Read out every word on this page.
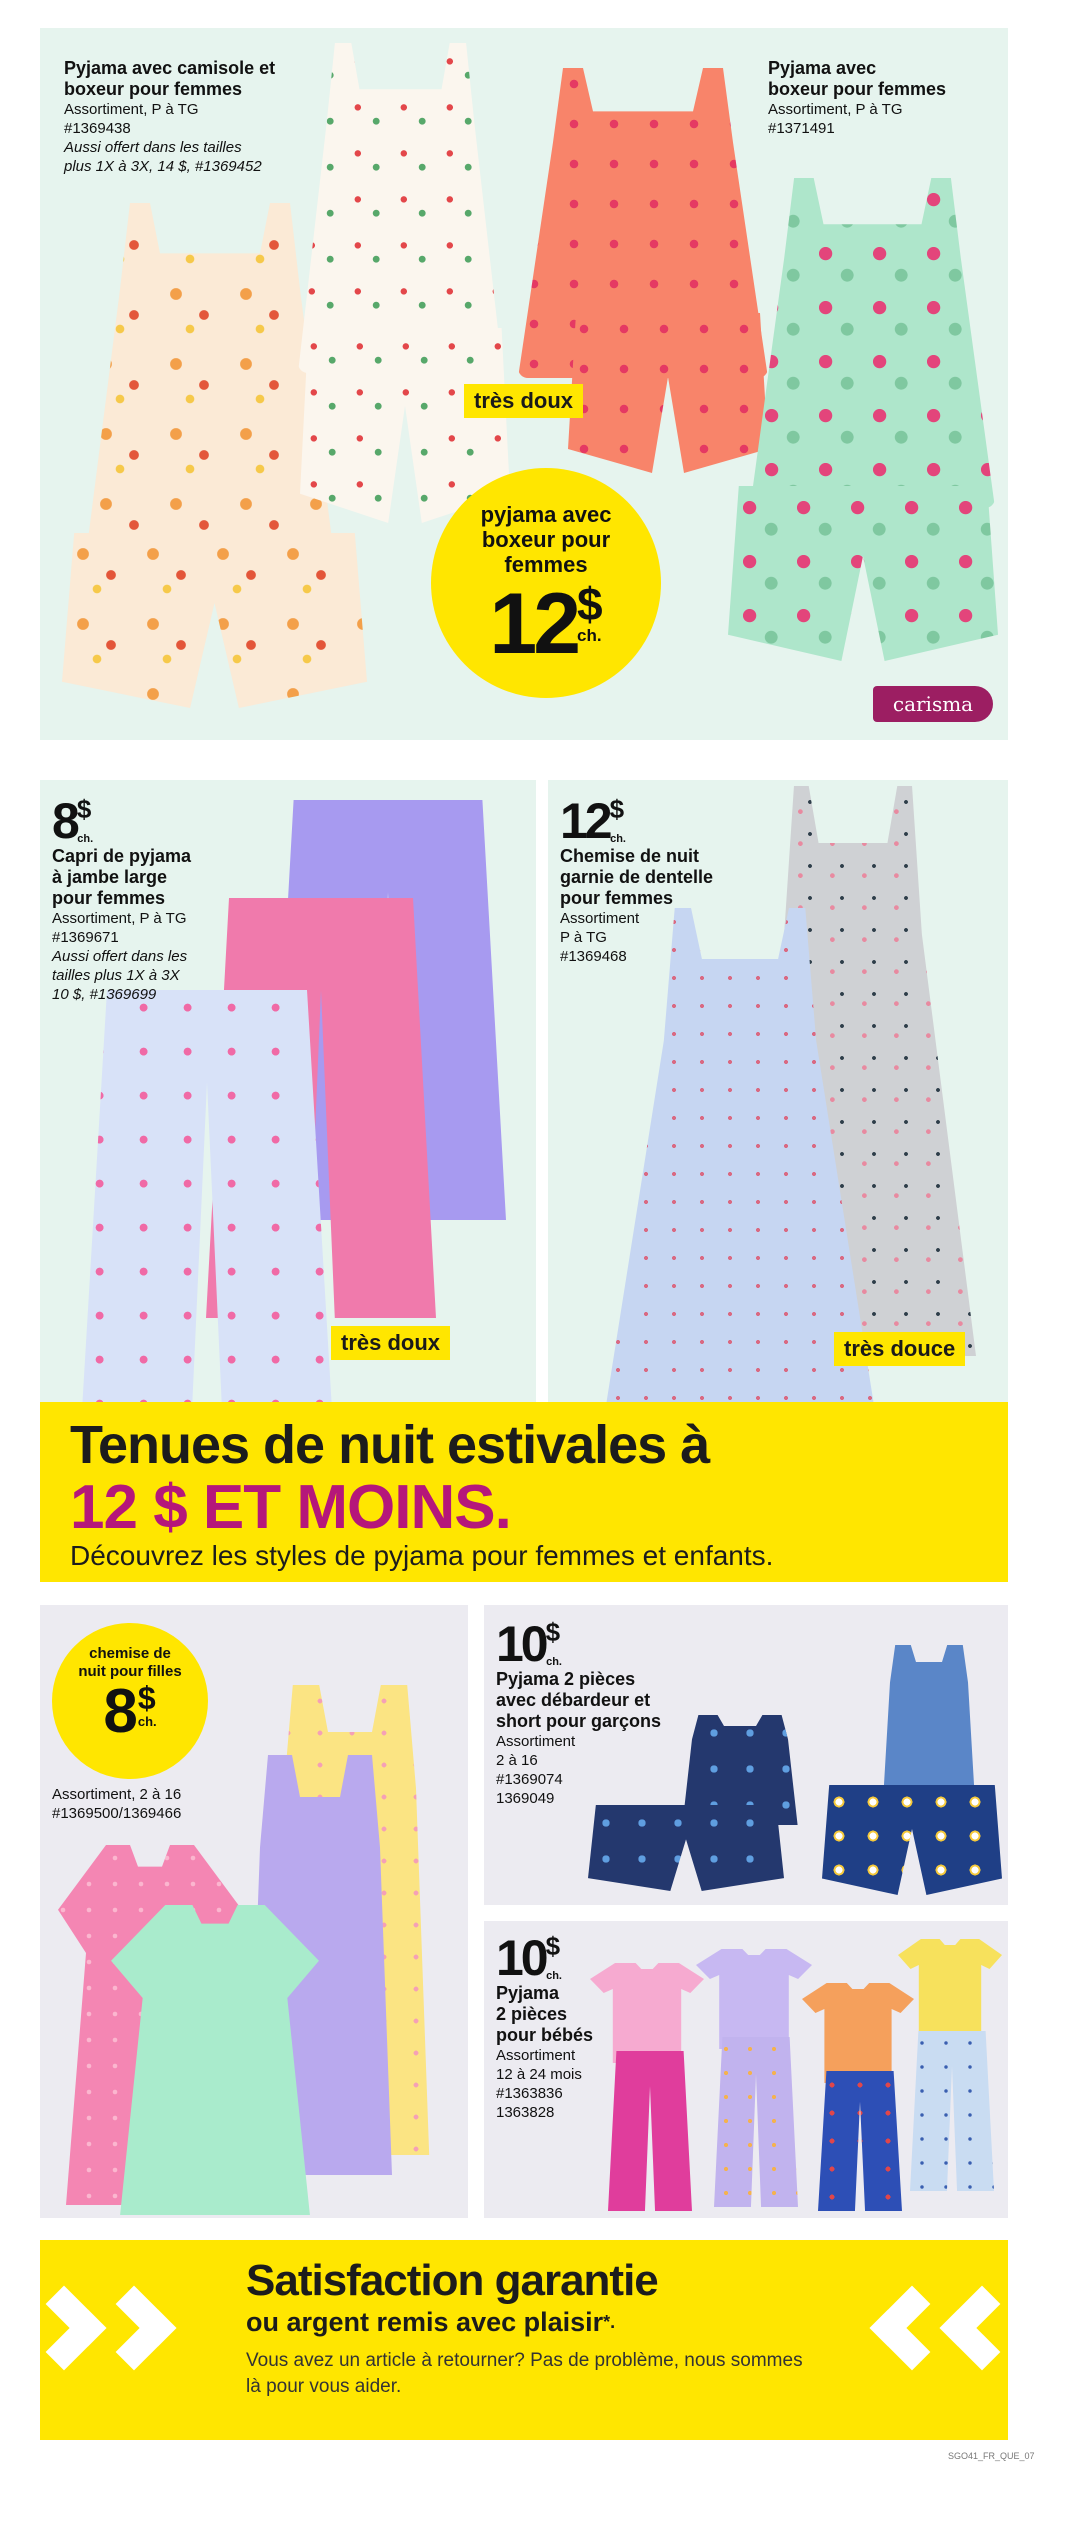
Pyjama avec camisole et
boxeur pour femmes
Assortiment, P à TG
#1369438
Aussi offert dans les tailles
plus 1X à 3X, 14 $, #1369452
Pyjama avec
boxeur pour femmes
Assortiment, P à TG
#1371491
très doux
pyjama avec
boxeur pour
femmes
12 $
ch.
carisma
8$ch.
Capri de pyjama
à jambe large
pour femmes
Assortiment, P à TG
#1369671
Aussi offert dans les
tailles plus 1X à 3X
10 $, #1369699
très doux
12$ch.
Chemise de nuit
garnie de dentelle
pour femmes
Assortiment
P à TG
#1369468
très douce
Tenues de nuit estivales à
12 $ ET MOINS.
Découvrez les styles de pyjama pour femmes et enfants.
chemise de
nuit pour filles
8 $
ch.
Assortiment, 2 à 16
#1369500/1369466
10$ch.
Pyjama 2 pièces
avec débardeur et
short pour garçons
Assortiment
2 à 16
#1369074
1369049
10$ch.
Pyjama
2 pièces
pour bébés
Assortiment
12 à 24 mois
#1363836
1363828
Satisfaction garantie
ou argent remis avec plaisir*.
Vous avez un article à retourner? Pas de problème, nous sommes
là pour vous aider.
SGO41_FR_QUE_07
